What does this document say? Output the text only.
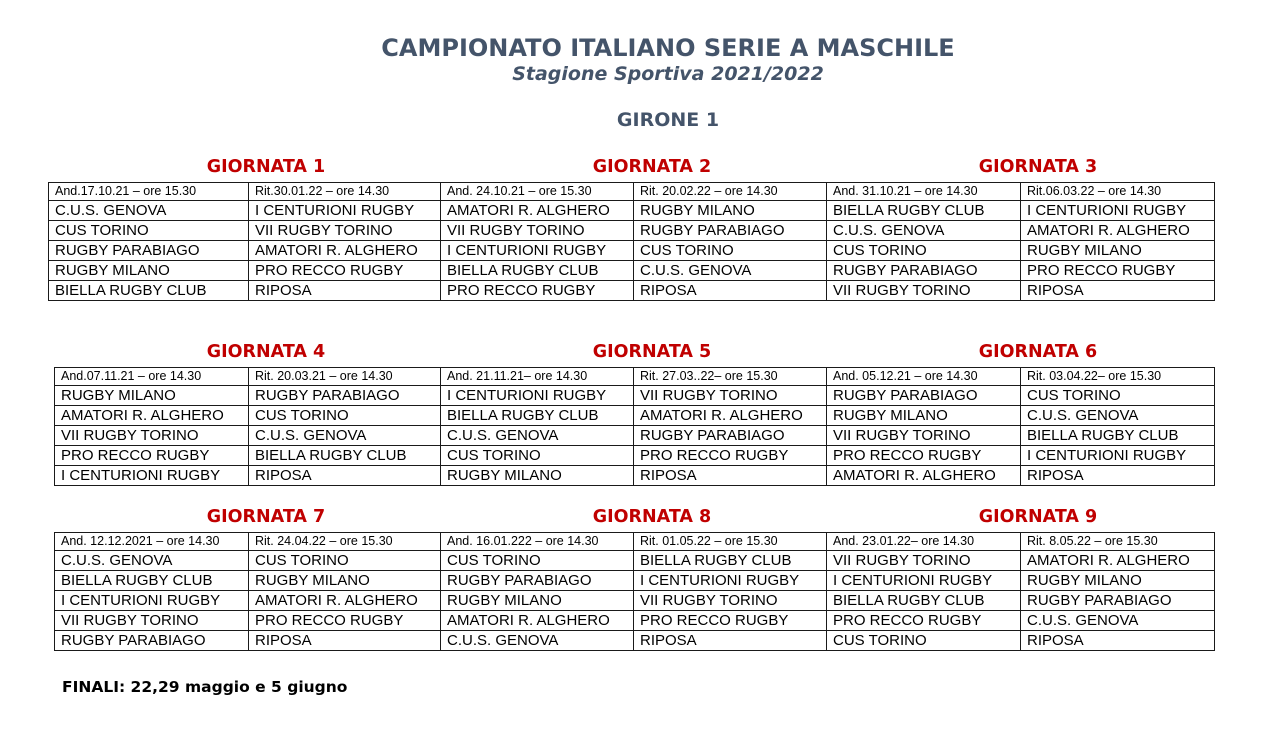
CAMPIONATO ITALIANO SERIE A MASCHILE
Stagione Sportiva 2021/2022
GIRONE 1
GIORNATA 1	GIORNATA 2	GIORNATA 3
And.17.10.21 – ore 15.30	Rit.30.01.22 – ore 14.30	And. 24.10.21 – ore 15.30	Rit. 20.02.22 – ore 14.30	And. 31.10.21 – ore 14.30	Rit.06.03.22 – ore 14.30
C.U.S. GENOVA	I CENTURIONI RUGBY	AMATORI R. ALGHERO	RUGBY MILANO	BIELLA RUGBY CLUB	I CENTURIONI RUGBY
CUS TORINO	VII RUGBY TORINO	VII RUGBY TORINO	RUGBY PARABIAGO	C.U.S. GENOVA	AMATORI R. ALGHERO
RUGBY PARABIAGO	AMATORI R. ALGHERO	I CENTURIONI RUGBY	CUS TORINO	CUS TORINO	RUGBY MILANO
RUGBY MILANO	PRO RECCO RUGBY	BIELLA RUGBY CLUB	C.U.S. GENOVA	RUGBY PARABIAGO	PRO RECCO RUGBY
BIELLA RUGBY CLUB	RIPOSA	PRO RECCO RUGBY	RIPOSA	VII RUGBY TORINO	RIPOSA
GIORNATA 4	GIORNATA 5	GIORNATA 6
And.07.11.21 – ore 14.30	Rit. 20.03.21 – ore 14.30	And. 21.11.21– ore 14.30	Rit. 27.03..22– ore 15.30	And. 05.12.21 – ore 14.30	Rit. 03.04.22– ore 15.30
RUGBY MILANO	RUGBY PARABIAGO	I CENTURIONI RUGBY	VII RUGBY TORINO	RUGBY PARABIAGO	CUS TORINO
AMATORI R. ALGHERO	CUS TORINO	BIELLA RUGBY CLUB	AMATORI R. ALGHERO	RUGBY MILANO	C.U.S. GENOVA
VII RUGBY TORINO	C.U.S. GENOVA	C.U.S. GENOVA	RUGBY PARABIAGO	VII RUGBY TORINO	BIELLA RUGBY CLUB
PRO RECCO RUGBY	BIELLA RUGBY CLUB	CUS TORINO	PRO RECCO RUGBY	PRO RECCO RUGBY	I CENTURIONI RUGBY
I CENTURIONI RUGBY	RIPOSA	RUGBY MILANO	RIPOSA	AMATORI R. ALGHERO	RIPOSA
GIORNATA 7	GIORNATA 8	GIORNATA 9
And. 12.12.2021 – ore 14.30	Rit. 24.04.22 – ore 15.30	And. 16.01.222 – ore 14.30	Rit. 01.05.22 – ore 15.30	And. 23.01.22– ore 14.30	Rit. 8.05.22 – ore 15.30
C.U.S. GENOVA	CUS TORINO	CUS TORINO	BIELLA RUGBY CLUB	VII RUGBY TORINO	AMATORI R. ALGHERO
BIELLA RUGBY CLUB	RUGBY MILANO	RUGBY PARABIAGO	I CENTURIONI RUGBY	I CENTURIONI RUGBY	RUGBY MILANO
I CENTURIONI RUGBY	AMATORI R. ALGHERO	RUGBY MILANO	VII RUGBY TORINO	BIELLA RUGBY CLUB	RUGBY PARABIAGO
VII RUGBY TORINO	PRO RECCO RUGBY	AMATORI R. ALGHERO	PRO RECCO RUGBY	PRO RECCO RUGBY	C.U.S. GENOVA
RUGBY PARABIAGO	RIPOSA	C.U.S. GENOVA	RIPOSA	CUS TORINO	RIPOSA
FINALI: 22,29 maggio e 5 giugno
